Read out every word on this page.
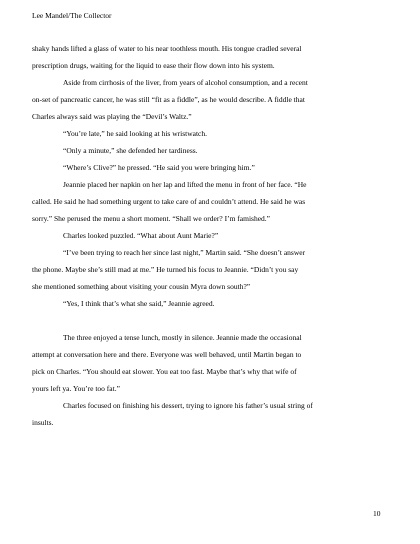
Lee Mandel/The Collector
shaky hands lifted a glass of water to his near toothless mouth. His tongue cradled several
prescription drugs, waiting for the liquid to ease their flow down into his system.
Aside from cirrhosis of the liver, from years of alcohol consumption, and a recent
on-set of pancreatic cancer, he was still “fit as a fiddle”, as he would describe. A fiddle that
Charles always said was playing the “Devil’s Waltz.”
“You’re late,” he said looking at his wristwatch.
“Only a minute,” she defended her tardiness.
“Where’s Clive?” he pressed. “He said you were bringing him.”
Jeannie placed her napkin on her lap and lifted the menu in front of her face. “He
called. He said he had something urgent to take care of and couldn’t attend. He said he was
sorry.” She perused the menu a short moment. “Shall we order? I’m famished.”
Charles looked puzzled. “What about Aunt Marie?”
“I’ve been trying to reach her since last night,” Martin said. “She doesn’t answer
the phone. Maybe she’s still mad at me.” He turned his focus to Jeannie. “Didn’t you say
she mentioned something about visiting your cousin Myra down south?”
“Yes, I think that’s what she said,” Jeannie agreed.
The three enjoyed a tense lunch, mostly in silence. Jeannie made the occasional
attempt at conversation here and there. Everyone was well behaved, until Martin began to
pick on Charles. “You should eat slower. You eat too fast. Maybe that’s why that wife of
yours left ya. You’re too fat.”
Charles focused on finishing his dessert, trying to ignore his father’s usual string of
insults.
10
